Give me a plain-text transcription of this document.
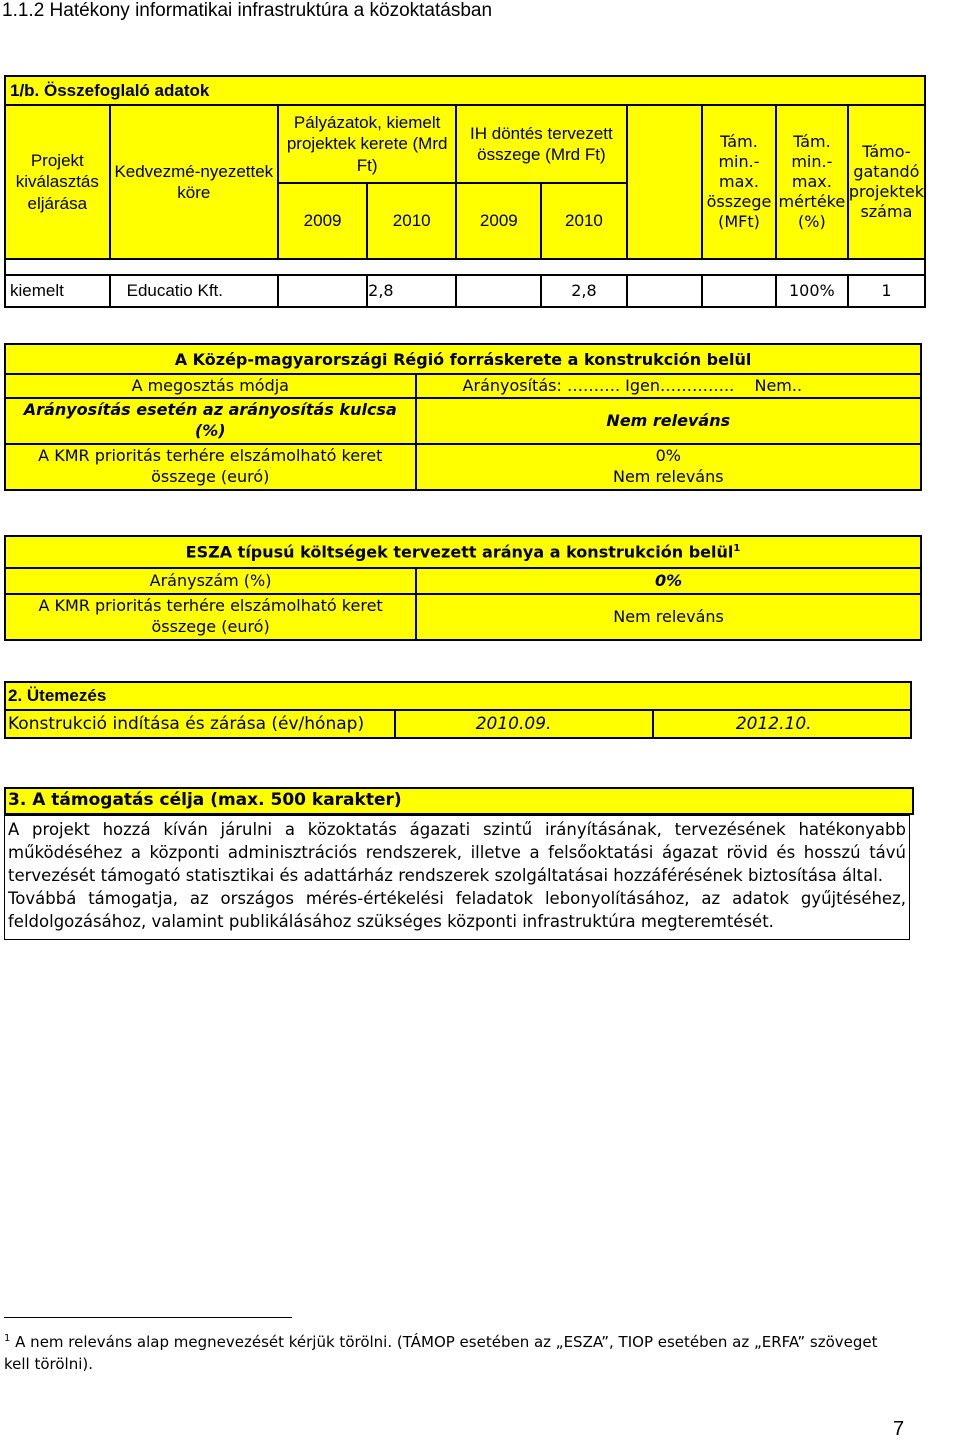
1.1.2 Hatékony informatikai infrastruktúra a közoktatásban
1/b. Összefoglaló adatok									
Projekt kiválasztás eljárása	Kedvezmé-nyezettek köre	Pályázatok, kiemelt projektek kerete (Mrd Ft)		IH döntés tervezett összege (Mrd Ft)			Tám. min.-max. összege (MFt)	Tám. min.-max. mértéke (%)	Támo-gatandó projektek száma
		2009	2010	2009	2010				

kiemelt	Educatio Kft.		2,8		2,8			100%	1
A Közép-magyarországi Régió forráskerete a konstrukción belül	
A megosztás módja	Arányosítás: ………. Igen…………..    Nem..
Arányosítás esetén az arányosítás kulcsa (%)	Nem releváns
A KMR prioritás terhére elszámolható keret összege (euró)	0%
Nem releváns
ESZA típusú költségek tervezett aránya a konstrukción belül$^1$
Arányszám (%)	0%
A KMR prioritás terhére elszámolható keret összege (euró)	Nem releváns
2. Ütemezés
Konstrukció indítása és zárása (év/hónap)	2010.09.	2012.10.
3. A támogatás célja (max. 500 karakter)
A projekt hozzá kíván járulni a közoktatás ágazati szintű irányításának, tervezésének hatékonyabb működéséhez a központi adminisztrációs rendszerek, illetve a felsőoktatási ágazat rövid és hosszú távú tervezését támogató statisztikai és adattárház rendszerek szolgáltatásai hozzáférésének biztosítása által.
Továbbá támogatja, az országos mérés-értékelési feladatok lebonyolításához, az adatok gyűjtéséhez, feldolgozásához, valamint publikálásához szükséges központi infrastruktúra megteremtését.
$^1$ A nem releváns alap megnevezését kérjük törölni. (TÁMOP esetében az „ESZA”, TIOP esetében az „ERFA” szöveget kell törölni).
7
